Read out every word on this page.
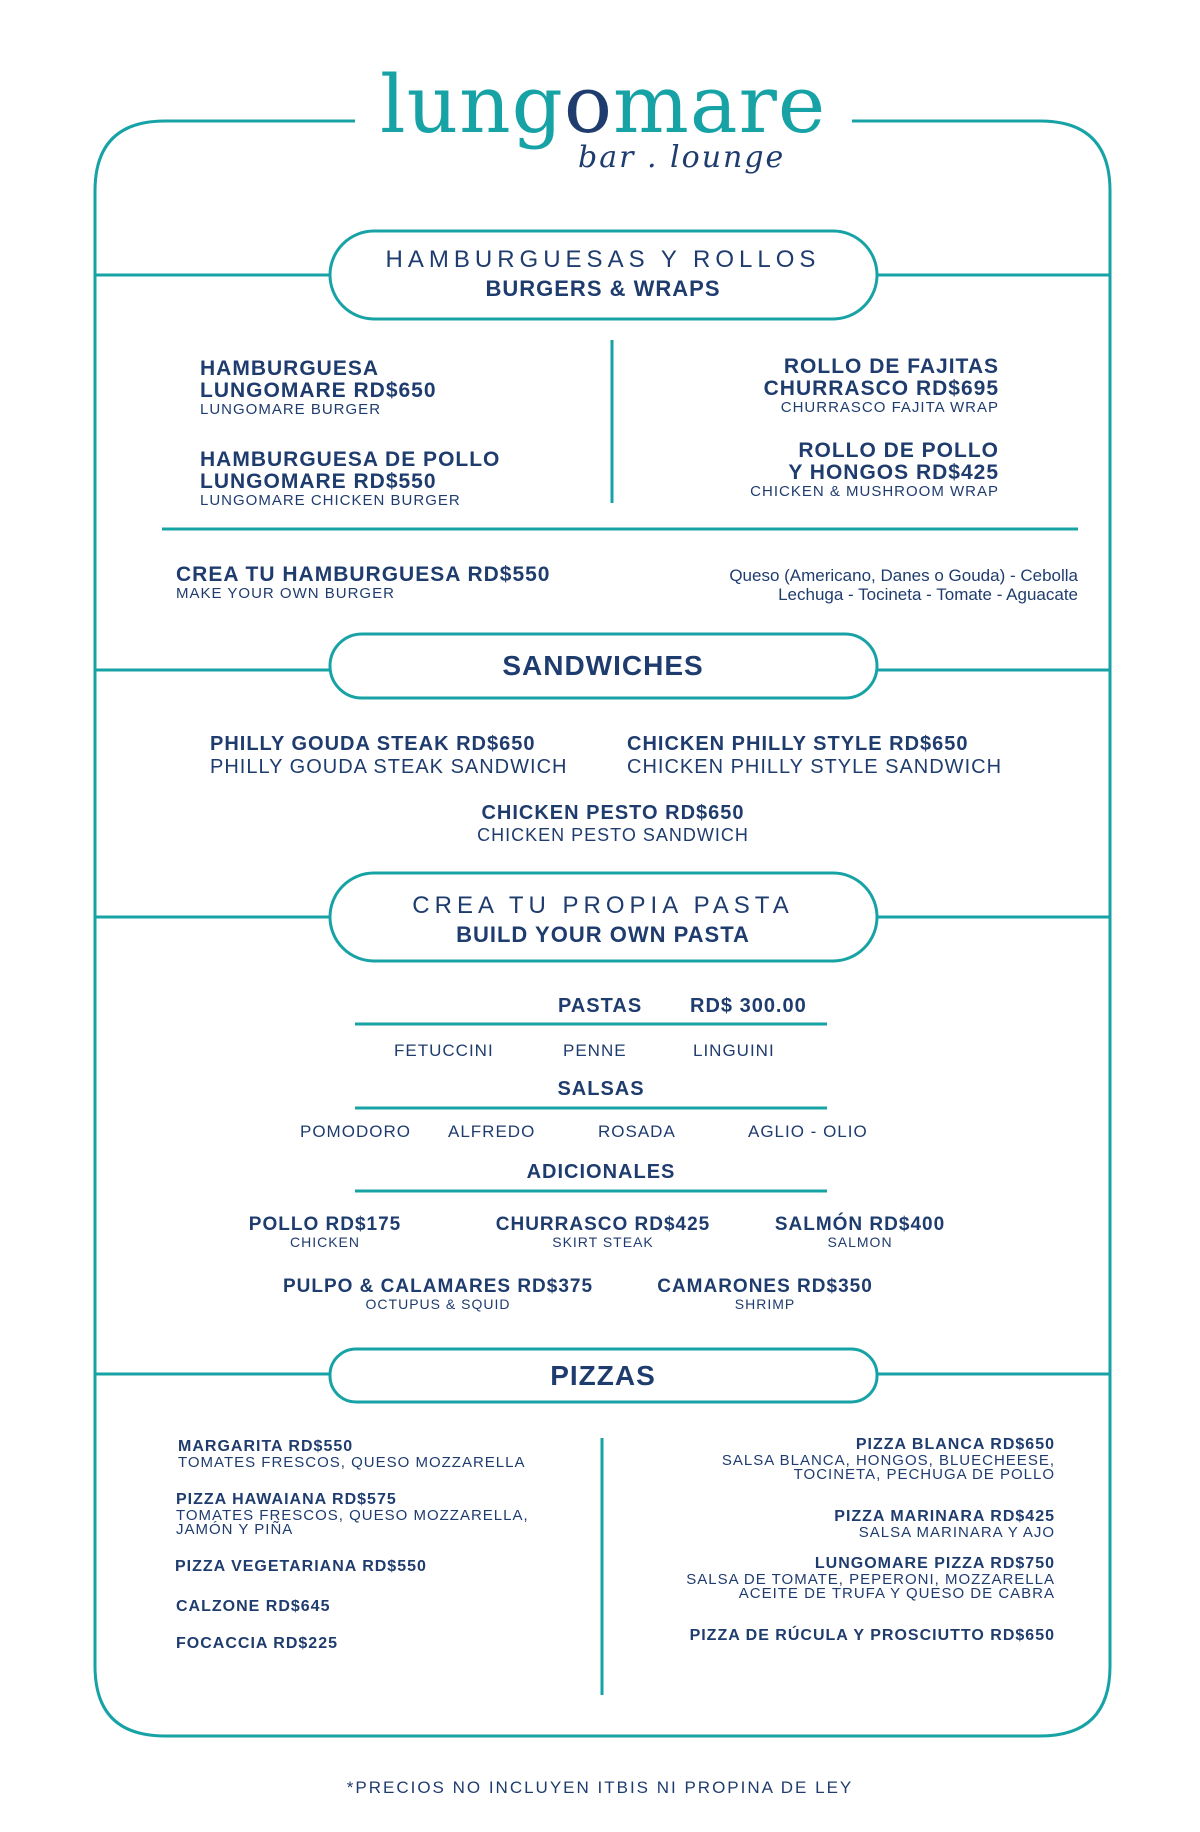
lungomare
bar . lounge
HAMBURGUESAS Y ROLLOS
BURGERS & WRAPS
HAMBURGUESA
LUNGOMARE RD$650
LUNGOMARE BURGER
HAMBURGUESA DE POLLO
LUNGOMARE RD$550
LUNGOMARE CHICKEN BURGER
ROLLO DE FAJITAS
CHURRASCO RD$695
CHURRASCO FAJITA WRAP
ROLLO DE POLLO
Y HONGOS RD$425
CHICKEN & MUSHROOM WRAP
CREA TU HAMBURGUESA RD$550
MAKE YOUR OWN BURGER
Queso (Americano, Danes o Gouda) - Cebolla
Lechuga - Tocineta - Tomate - Aguacate
SANDWICHES
PHILLY GOUDA STEAK RD$650
PHILLY GOUDA STEAK SANDWICH
CHICKEN PHILLY STYLE RD$650
CHICKEN PHILLY STYLE SANDWICH
CHICKEN PESTO RD$650
CHICKEN PESTO SANDWICH
CREA TU PROPIA PASTA
BUILD YOUR OWN PASTA
PASTAS RD$ 300.00
FETUCCINI	PENNE	LINGUINI
SALSAS
POMODORO ALFREDO	ROSADA	AGLIO - OLIO
ADICIONALES
POLLO RD$175
CHICKEN
CHURRASCO RD$425
SKIRT STEAK
SALMÓN RD$400
SALMON
PULPO & CALAMARES RD$375
OCTUPUS & SQUID
CAMARONES RD$350
SHRIMP
PIZZAS
MARGARITA RD$550
TOMATES FRESCOS, QUESO MOZZARELLA
PIZZA HAWAIANA RD$575
TOMATES FRESCOS, QUESO MOZZARELLA,
JAMÓN Y PIÑA
PIZZA VEGETARIANA RD$550
CALZONE RD$645
FOCACCIA RD$225
PIZZA BLANCA RD$650
SALSA BLANCA, HONGOS, BLUECHEESE,
TOCINETA, PECHUGA DE POLLO
PIZZA MARINARA RD$425
SALSA MARINARA Y AJO
LUNGOMARE PIZZA RD$750
SALSA DE TOMATE, PEPERONI, MOZZARELLA
ACEITE DE TRUFA Y QUESO DE CABRA
PIZZA DE RÚCULA Y PROSCIUTTO RD$650
*PRECIOS NO INCLUYEN ITBIS NI PROPINA DE LEY
